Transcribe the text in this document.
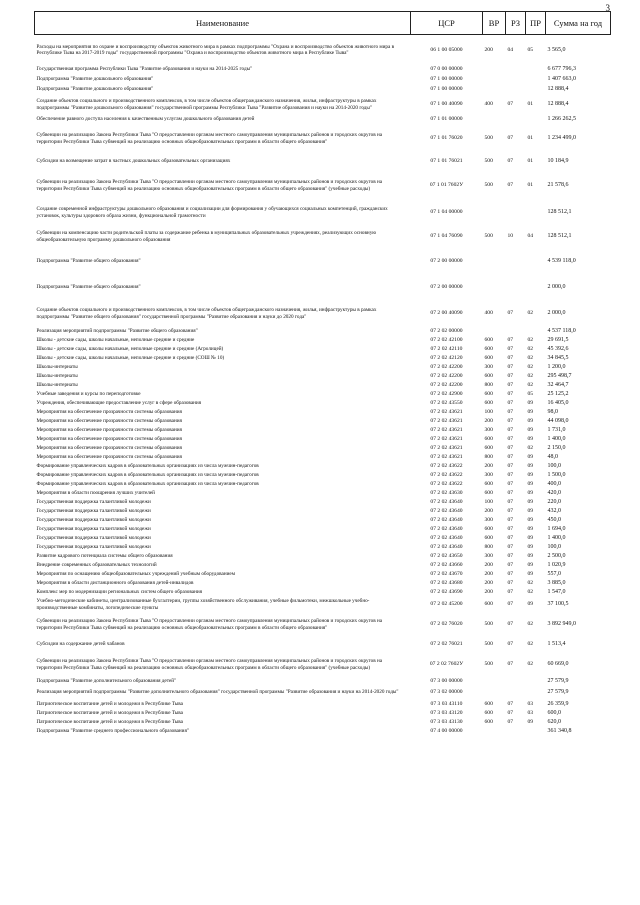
3
Наименование	ЦСР	ВР	РЗ	ПР	Сумма на год
Расходы на мероприятия по охране и воспроизводству объектов животного мира в рамках подпрограммы "Охрана и воспроизводство объектов животного мира в Республике Тыва на 2017-2019 годы" государственной программы "Охрана и воспроизводство объектов животного мира в Республике Тыва"	06 1 00 05000	200	04	05	3 565,0
Государственная программа Республики Тыва "Развитие образования и науки на 2014-2025 годы"	07 0 00 00000				6 677 796,3
Подпрограмма "Развитие дошкольного образования"	07 1 00 00000				1 407 663,0
Подпрограмма "Развитие дошкольного образования"	07 1 00 00000				12 888,4
Создание объектов социального и производственного комплексов, в том числе объектов общегражданского назначения, жилья, инфраструктуры в рамках подпрограммы "Развитие дошкольного образования" государственной программы Республики Тыва "Развитие образования и науки на 2014-2020 годы"	07 1 00 40090	400	07	01	12 888,4
Обеспечение равного доступа населения к качественным услугам дошкольного образования детей	07 1 01 00000				1 266 262,5
Субвенции на реализацию Закона Республики Тыва "О предоставлении органам местного самоуправления муниципальных районов и городских округов на территории Республики Тыва субвенций на реализацию основных общеобразовательных программ в области общего образования"	07 1 01 76020	500	07	01	1 234 499,0
Субсидии на возмещение затрат в частных дошкольных образовательных организациях	07 1 01 76021	500	07	01	10 184,9
Субвенции на реализацию Закона Республики Тыва "О предоставлении органам местного самоуправления муниципальных районов и городских округов на территории Республики Тыва субвенций на реализацию основных общеобразовательных программ в области общего образования" (учебные расходы)	07 1 01 7602У	500	07	01	21 578,6
Создание современной инфраструктуры дошкольного образования и социализации для формирования у обучающихся социальных компетенций, гражданских установок, культуры здорового образа жизни, функциональной грамотности	07 1 04 00000				128 512,1
Субвенции на компенсацию части родительской платы за содержание ребенка в муниципальных образовательных учреждениях, реализующих основную общеобразовательную программу дошкольного образования	07 1 04 76090	500	10	04	128 512,1
Подпрограмма "Развитие общего образования"	07 2 00 00000				4 539 118,0
Подпрограмма "Развитие общего образования"	07 2 00 00000				2 000,0
Создание объектов социального и производственного комплексов, в том числе объектов общегражданского назначения, жилья, инфраструктуры в рамках подпрограммы "Развитие общего образования" государственной программы "Развитие образования и науки до 2020 года"	07 2 00 40090	400	07	02	2 000,0
Реализация мероприятий подпрограммы "Развитие общего образования"	07 2 02 00000				4 537 118,0
Школы - детские сады, школы начальные, неполные средние и средние	07 2 02 42100	600	07	02	29 691,5
Школы - детские сады, школы начальные, неполные средние и средние (Агролицей)	07 2 02 42110	600	07	02	45 392,6
Школы - детские сады, школы начальные, неполные средние и средние (СОШ № 10)	07 2 02 42120	600	07	02	34 845,5
Школы-интернаты	07 2 02 42200	300	07	02	1 200,0
Школы-интернаты	07 2 02 42200	600	07	02	295 498,7
Школы-интернаты	07 2 02 42200	800	07	02	32 464,7
Учебные заведения и курсы по переподготовке	07 2 02 42900	600	07	05	25 125,2
Учреждения, обеспечивающие предоставление услуг в сфере образования	07 2 02 43550	600	07	09	16 405,0
Мероприятия на обеспечение прозрачности системы образования	07 2 02 43621	100	07	09	98,0
Мероприятия на обеспечение прозрачности системы образования	07 2 02 43621	200	07	09	44 098,0
Мероприятия на обеспечение прозрачности системы образования	07 2 02 43621	300	07	09	1 731,0
Мероприятия на обеспечение прозрачности системы образования	07 2 02 43621	600	07	09	1 400,0
Мероприятия на обеспечение прозрачности системы образования	07 2 02 43621	600	07	02	2 150,0
Мероприятия на обеспечение прозрачности системы образования	07 2 02 43621	800	07	09	48,0
Формирование управленческих кадров в образовательных организациях из числа мужчин-педагогов	07 2 02 43622	200	07	09	100,0
Формирование управленческих кадров в образовательных организациях из числа мужчин-педагогов	07 2 02 43622	300	07	09	1 500,0
Формирование управленческих кадров в образовательных организациях из числа мужчин-педагогов	07 2 02 43622	600	07	09	400,0
Мероприятия в области поощрения лучших учителей	07 2 02 43630	600	07	09	420,0
Государственная поддержка талантливой молодежи	07 2 02 43640	100	07	09	220,0
Государственная поддержка талантливой молодежи	07 2 02 43640	200	07	09	432,0
Государственная поддержка талантливой молодежи	07 2 02 43640	300	07	09	450,0
Государственная поддержка талантливой молодежи	07 2 02 43640	600	07	09	1 694,0
Государственная поддержка талантливой молодежи	07 2 02 43640	600	07	09	1 400,0
Государственная поддержка талантливой молодежи	07 2 02 43640	800	07	09	100,0
Развитие кадрового потенциала системы общего образования	07 2 02 43650	300	07	09	2 500,0
Внедрение современных образовательных технологий	07 2 02 43660	200	07	09	1 020,9
Мероприятия по оснащению общеобразовательных учреждений учебным оборудованием	07 2 02 43670	200	07	09	557,0
Мероприятия в области дистанционного образования детей-инвалидов	07 2 02 43680	200	07	02	3 885,0
Комплекс мер по модернизации региональных систем общего образования	07 2 02 43690	200	07	02	1 547,0
Учебно-методические кабинеты, централизованные бухгалтерии, группы хозяйственного обслуживания, учебные фильмотеки, межшкольные учебно-производственные комбинаты, логопедические пункты	07 2 02 45200	600	07	09	37 100,5
Субвенции на реализацию Закона Республики Тыва "О предоставлении органам местного самоуправления муниципальных районов и городских округов на территории Республики Тыва субвенций на реализацию основных общеобразовательных программ в области общего образования"	07 2 02 76020	500	07	02	3 892 949,0
Субсидии на содержание детей чабанов	07 2 02 76021	500	07	02	1 513,4
Субвенции на реализацию Закона Республики Тыва "О предоставлении органам местного самоуправления муниципальных районов и городских округов на территории Республики Тыва субвенций на реализацию основных общеобразовательных программ в области общего образования" (учебные расходы)	07 2 02 7602У	500	07	02	60 669,0
Подпрограмма "Развитие дополнительного образования детей"	07 3 00 00000				27 579,9
Реализация мероприятий подпрограммы "Развитие дополнительного образования" государственной программы "Развитие образования и науки на 2014-2020 годы"	07 3 02 00000				27 579,9
Патриотическое воспитание детей и молодежи в Республике Тыва	07 3 03 43110	600	07	03	26 359,9
Патриотическое воспитание детей и молодежи в Республике Тыва	07 3 03 43120	600	07	03	600,0
Патриотическое воспитание детей и молодежи в Республике Тыва	07 3 03 43130	600	07	09	620,0
Подпрограмма "Развитие среднего профессионального образования"	07 4 00 00000				361 340,8
